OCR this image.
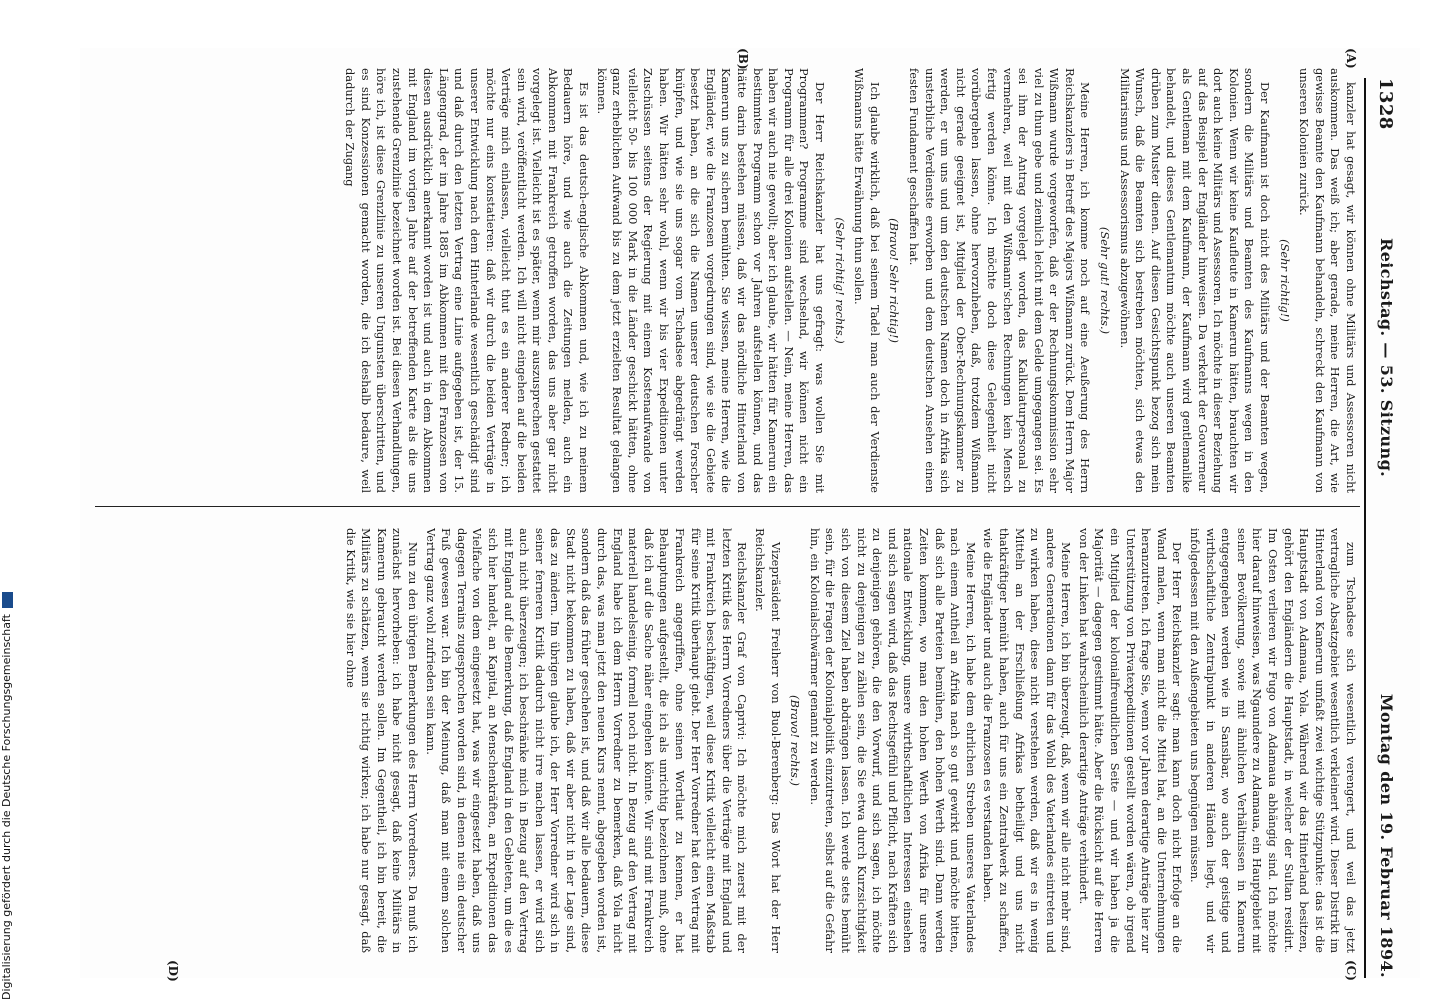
1328
Reichstag. — 53. Sitzung.
Montag den 19. Februar 1894.
(A)
(B)
(C)
(D)

kanzler hat gesagt, wir können ohne Militärs und Assessoren nicht auskommen. Das weiß ich; aber gerade, meine Herren, die Art, wie gewisse Beamte den Kaufmann behandeln, schreckt den Kaufmann von unseren Kolonien zurück.

(Sehr richtig!)

Der Kaufmann ist doch nicht des Militärs und der Beamten wegen, sondern die Militärs und Beamten des Kaufmanns wegen in den Kolonien. Wenn wir keine Kaufleute in Kamerun hätten, brauchten wir dort auch keine Militärs und Assessoren. Ich möchte in dieser Beziehung auf das Beispiel der Engländer hinweisen. Da verkehrt der Gouverneur als Gentleman mit dem Kaufmann, der Kaufmann wird gentlemanlike behandelt, und dieses Gentlemantum möchte auch unseren Beamten drüben zum Muster dienen. Auf diesen Gesichtspunkt bezog sich mein Wunsch, daß die Beamten sich bestreben möchten, sich etwas den Militarismus und Assessorismus abzugewöhnen.

(Sehr gut! rechts.)

Meine Herren, ich komme noch auf eine Aeußerung des Herrn Reichskanzlers in Betreff des Majors Wißmann zurück. Dem Herrn Major Wißmann wurde vorgeworfen, daß er der Rechnungskommission sehr viel zu thun gebe und ziemlich leicht mit dem Gelde umgegangen sei. Es sei ihm der Antrag vorgelegt worden, das Kalkulaturpersonal zu vermehren, weil mit den Wißmann'schen Rechnungen kein Mensch fertig werden könne. Ich möchte doch diese Gelegenheit nicht vorübergehen lassen, ohne hervorzuheben, daß, trotzdem Wißmann nicht gerade geeignet ist, Mitglied der Ober-Rechnungskammer zu werden, er um uns und um den deutschen Namen doch in Afrika sich unsterbliche Verdienste erworben und dem deutschen Ansehen einen festen Fundament geschaffen hat.

(Bravo! Sehr richtig!)

Ich glaube wirklich, daß bei seinem Tadel man auch der Verdienste Wißmanns hätte Erwähnung thun sollen.

(Sehr richtig! rechts.)

Der Herr Reichskanzler hat uns gefragt: was wollen Sie mit Programmen? Programme sind wechselnd, wir können nicht ein Programm für alle drei Kolonien aufstellen. — Nein, meine Herren, das haben wir auch nie gewollt; aber ich glaube, wir hätten für Kamerun ein bestimmtes Programm schon vor Jahren aufstellen können, und das hätte darin bestehen müssen, daß wir das nördliche Hinterland von Kamerun uns zu sichern bemühten. Sie wissen, meine Herren, wie die Engländer, wie die Franzosen vorgedrungen sind, wie sie die Gebiete besetzt haben, an die sich die Namen unserer deutschen Forscher knüpfen, und wie sie uns sogar vom Tschadsee abgedrängt werden haben. Wir hätten sehr wohl, wenn wir bis vier Expeditionen unter Zuschüssen seitens der Regierung mit einem Kostenaufwande von vielleicht 50- bis 100 000 Mark in die Länder geschickt hätten, ohne ganz erheblichen Aufwand bis zu dem jetzt erzielten Resultat gelangen können.

Es ist das deutsch-englische Abkommen und, wie ich zu meinem Bedauern höre, und wie auch die Zeitungen melden, auch ein Abkommen mit Frankreich getroffen worden, das uns aber gar nicht vorgelegt ist. Vielleicht ist es später, wenn mir auszusprechen gestattet sein wird, veröffentlicht werden. Ich will nicht eingehen auf die beiden Verträge mich einlassen, vielleicht thut es ein anderer Redner; ich möchte nur eins konstatieren: daß wir durch die beiden Verträge in unserer Entwicklung nach dem Hinterlande wesentlich geschädigt sind und daß durch den letzten Vertrag eine Linie aufgegeben ist, der 15. Längengrad, der im Jahre 1885 im Abkommen mit den Franzosen von diesen ausdrücklich anerkannt worden ist und auch in dem Abkommen mit England im vorigen Jahre auf der betreffenden Karte als die uns zustehende Grenzlinie bezeichnet worden ist. Bei diesen Verhandlungen, höre ich, ist diese Grenzlinie zu unseren Ungunsten überschritten, und es sind Konzessionen gemacht worden, die ich deshalb bedaure, weil dadurch der Zugang

zum Tschadsee sich wesentlich verengert, und weil das jetzt vertragliche Absatzgebiet wesentlich verkleinert wird. Dieser Distrikt im Hinterland von Kamerun umfaßt zwei wichtige Stützpunkte: das ist die Hauptstadt von Adamaua, Yola. Während wir das Hinterland besitzen, gehört den Engländern die Hauptstadt, in welcher der Sultan residirt. Im Osten verlieren wir Fugo von Adamaua abhängig sind. Ich möchte hier darauf hinweisen, was Ngaundere zu Adamaua, ein Hauptgebiet mit seiner Bevölkerung, sowie mit ähnlichen Verhältnissen in Kamerun entgegengehen werden wie in Sansibar, wo auch der geistige und wirthschaftliche Zentralpunkt in anderen Händen liegt, und wir infolgedessen mit den Außengebieten uns begnügen müssen.

Der Herr Reichskanzler sagt: man kann doch nicht Erfolge an die Wand malen, wenn man nicht die Mittel hat, an die Unternehmungen heranzutreten. Ich frage Sie, wenn vor Jahren derartige Anträge hier zur Unterstützung von Privatexpeditionen gestellt worden wären, ob irgend ein Mitglied der kolonialfreundlichen Seite — und wir haben ja die Majorität — dagegen gestimmt hätte. Aber die Rücksicht auf die Herren von der Linken hat wahrscheinlich derartige Anträge verhindert.

Meine Herren, ich bin überzeugt, daß, wenn wir alle nicht mehr sind, andere Generationen dann für das Wohl des Vaterlandes eintreten und zu wirken haben, diese nicht verstehen werden, daß wir es in wenig Mitteln an der Erschließung Afrikas betheiligt und uns nicht thatkräftiger bemüht haben, auch für uns ein Zentralwerk zu schaffen, wie die Engländer und auch die Franzosen es verstanden haben.

Meine Herren, ich habe dem ehrlichen Streben unseres Vaterlandes nach einem Antheil an Afrika nach so gut gewirkt und möchte bitten, daß sich alle Parteien bemühen, den hohen Werth sind. Dann werden Zeiten kommen, wo man den hohen Werth von Afrika für unsere nationale Entwicklung, unsere wirthschaftlichen Interessen einsehen und sich sagen wird, daß das Rechtsgefühl und Pflicht, nach Kräften sich zu denjenigen gehören, die den Vorwurf, und sich sagen, ich möchte nicht zu denjenigen zu zählen sein, die Sie etwa durch Kurzsichtigkeit sich von diesem Ziel haben abdrängen lassen. Ich werde stets bemüht sein, für die Fragen der Kolonialpolitik einzutreten, selbst auf die Gefahr hin, ein Kolonialschwärmer genannt zu werden.

(Bravo! rechts.)

Vizepräsident Freiherr von Buol-Berenberg: Das Wort hat der Herr Reichskanzler.

Reichskanzler Graf von Caprivi: Ich möchte mich zuerst mit der letzten Kritik des Herrn Vorredners über die Verträge mit England und mit Frankreich beschäftigen, weil diese Kritik vielleicht einen Maßstab für seine Kritik überhaupt giebt. Der Herr Vorredner hat den Vertrag mit Frankreich angegriffen, ohne seinen Wortlaut zu kennen, er hat Behauptungen aufgestellt, die ich als unrichtig bezeichnen muß, ohne daß ich auf die Sache näher eingehen könnte. Wir sind mit Frankreich materiell handelseinig, formell noch nicht. In Bezug auf den Vertrag mit England habe ich dem Herrn Vorredner zu bemerken, daß Yola nicht durch das, was man jetzt den neuen Kurs nennt, abgegeben worden ist, sondern daß das früher geschehen ist, und daß wir alle bedauern, diese Stadt nicht bekommen zu haben, daß wir aber nicht in der Lage sind, das zu ändern. Im übrigen glaube ich, der Herr Vorredner wird sich in seiner ferneren Kritik dadurch nicht irre machen lassen, er wird sich auch nicht überzeugen; ich beschränke mich in Bezug auf den Vertrag mit England auf die Bemerkung, daß England in den Gebieten, um die es sich hier handelt, an Kapital, an Menschenkräften, an Expeditionen das Vielfache von dem eingesetzt hat, was wir eingesetzt haben, daß uns dagegen Terrains zugesprochen worden sind, in denen nie ein deutscher Fuß gewesen war. Ich bin der Meinung, daß man mit einem solchen Vertrag ganz wohl zufrieden sein kann.

Nun zu den übrigen Bemerkungen des Herrn Vorredners. Da muß ich zunächst hervorheben: ich habe nicht gesagt, daß keine Militärs in Kamerun gebraucht werden sollen. Im Gegentheil, ich bin bereit, die Militärs zu schätzen, wenn sie richtig wirken; ich habe nur gesagt, daß die Kritik, wie sie hier ohne

Digitalisierung gefördert durch die Deutsche Forschungsgemeinschaft
